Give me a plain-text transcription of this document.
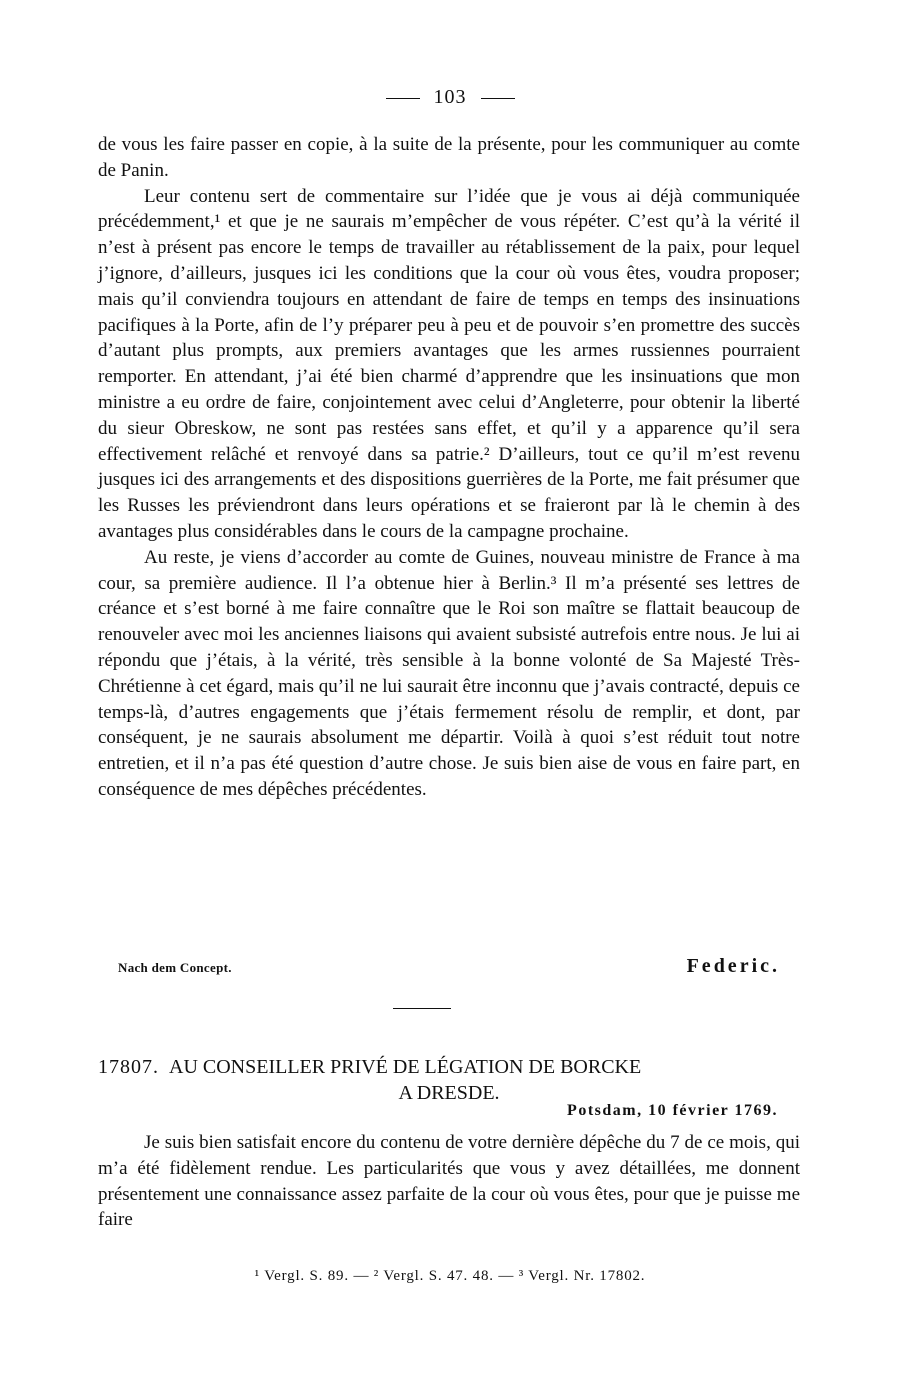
103

de vous les faire passer en copie, à la suite de la présente, pour les communiquer au comte de Panin.

Leur contenu sert de commentaire sur l’idée que je vous ai déjà communiquée précédemment,¹ et que je ne saurais m’empêcher de vous répéter. C’est qu’à la vérité il n’est à présent pas encore le temps de travailler au rétablissement de la paix, pour lequel j’ignore, d’ailleurs, jusques ici les conditions que la cour où vous êtes, voudra proposer; mais qu’il conviendra toujours en attendant de faire de temps en temps des insinuations pacifiques à la Porte, afin de l’y préparer peu à peu et de pouvoir s’en promettre des succès d’autant plus prompts, aux premiers avantages que les armes russiennes pourraient remporter. En attendant, j’ai été bien charmé d’apprendre que les insinuations que mon ministre a eu ordre de faire, conjointement avec celui d’Angleterre, pour obtenir la liberté du sieur Obreskow, ne sont pas restées sans effet, et qu’il y a apparence qu’il sera effectivement relâché et renvoyé dans sa patrie.² D’ailleurs, tout ce qu’il m’est revenu jusques ici des arrangements et des dispositions guerrières de la Porte, me fait présumer que les Russes les préviendront dans leurs opérations et se fraieront par là le chemin à des avantages plus considérables dans le cours de la campagne prochaine.

Au reste, je viens d’accorder au comte de Guines, nouveau ministre de France à ma cour, sa première audience. Il l’a obtenue hier à Berlin.³ Il m’a présenté ses lettres de créance et s’est borné à me faire connaître que le Roi son maître se flattait beaucoup de renouveler avec moi les anciennes liaisons qui avaient subsisté autrefois entre nous. Je lui ai répondu que j’étais, à la vérité, très sensible à la bonne volonté de Sa Majesté Très-Chrétienne à cet égard, mais qu’il ne lui saurait être inconnu que j’avais contracté, depuis ce temps-là, d’autres engagements que j’étais fermement résolu de remplir, et dont, par conséquent, je ne saurais absolument me départir. Voilà à quoi s’est réduit tout notre entretien, et il n’a pas été question d’autre chose. Je suis bien aise de vous en faire part, en conséquence de mes dépêches précédentes.

Nach dem Concept.	Federic.
17807. AU CONSEILLER PRIVÉ DE LÉGATION DE BORCKE
A DRESDE.
Potsdam, 10 février 1769.

Je suis bien satisfait encore du contenu de votre dernière dépêche du 7 de ce mois, qui m’a été fidèlement rendue. Les particularités que vous y avez détaillées, me donnent présentement une connaissance assez parfaite de la cour où vous êtes, pour que je puisse me faire

¹ Vergl. S. 89. — ² Vergl. S. 47. 48. — ³ Vergl. Nr. 17802.
